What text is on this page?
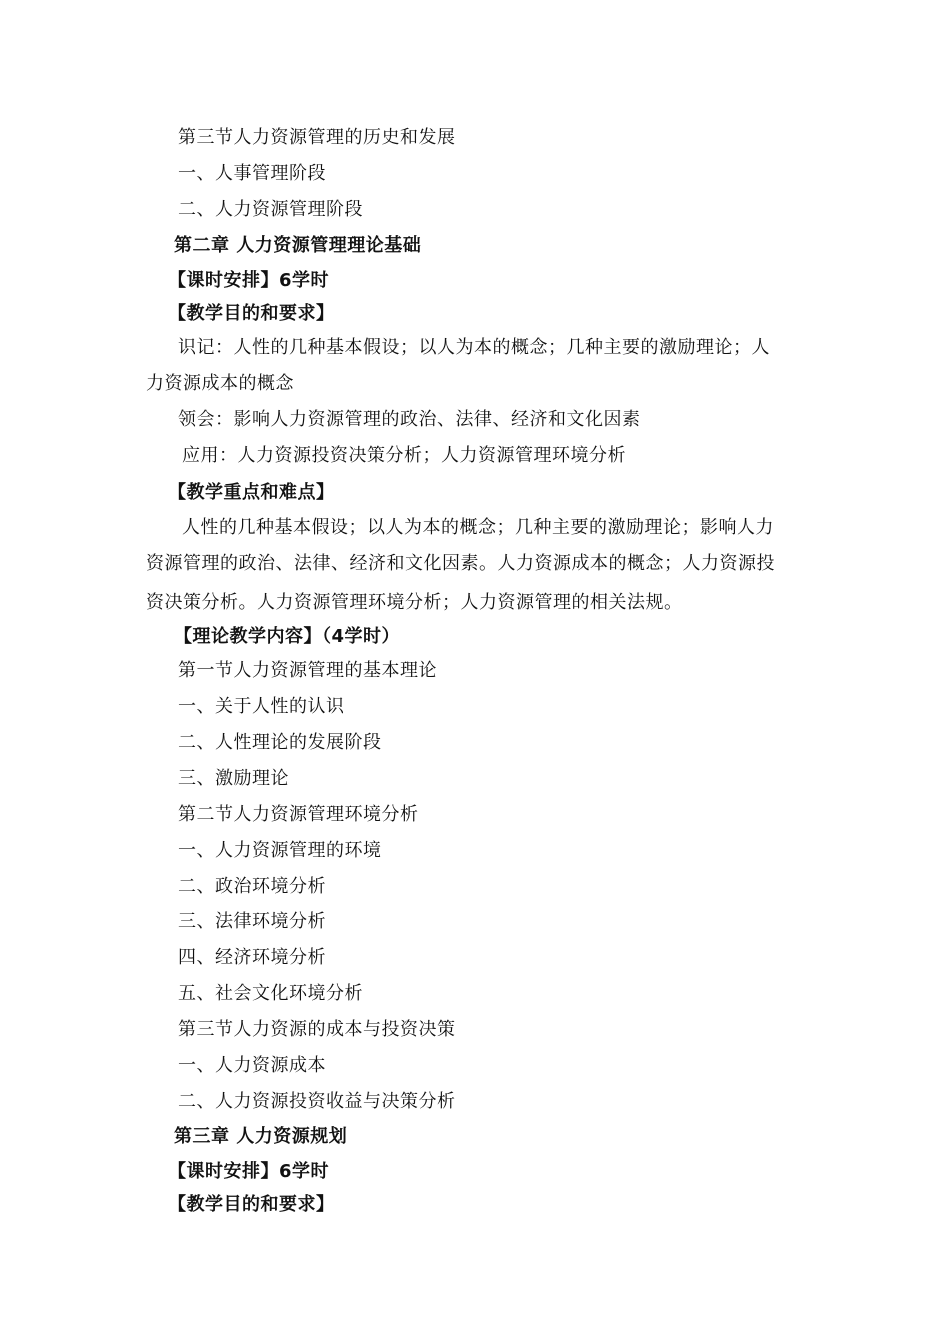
第三节人力资源管理的历史和发展
一、人事管理阶段
二、人力资源管理阶段
第二章 人力资源管理理论基础
【课时安排】6学时
【教学目的和要求】
识记：人性的几种基本假设；以人为本的概念；几种主要的激励理论；人
力资源成本的概念
领会：影响人力资源管理的政治、法律、经济和文化因素
应用：人力资源投资决策分析；人力资源管理环境分析
【教学重点和难点】
人性的几种基本假设；以人为本的概念；几种主要的激励理论；影响人力
资源管理的政治、法律、经济和文化因素。人力资源成本的概念；人力资源投
资决策分析。人力资源管理环境分析；人力资源管理的相关法规。
【理论教学内容】（4学时）
第一节人力资源管理的基本理论
一、关于人性的认识
二、人性理论的发展阶段
三、激励理论
第二节人力资源管理环境分析
一、人力资源管理的环境
二、政治环境分析
三、法律环境分析
四、经济环境分析
五、社会文化环境分析
第三节人力资源的成本与投资决策
一、人力资源成本
二、人力资源投资收益与决策分析
第三章 人力资源规划
【课时安排】6学时
【教学目的和要求】
